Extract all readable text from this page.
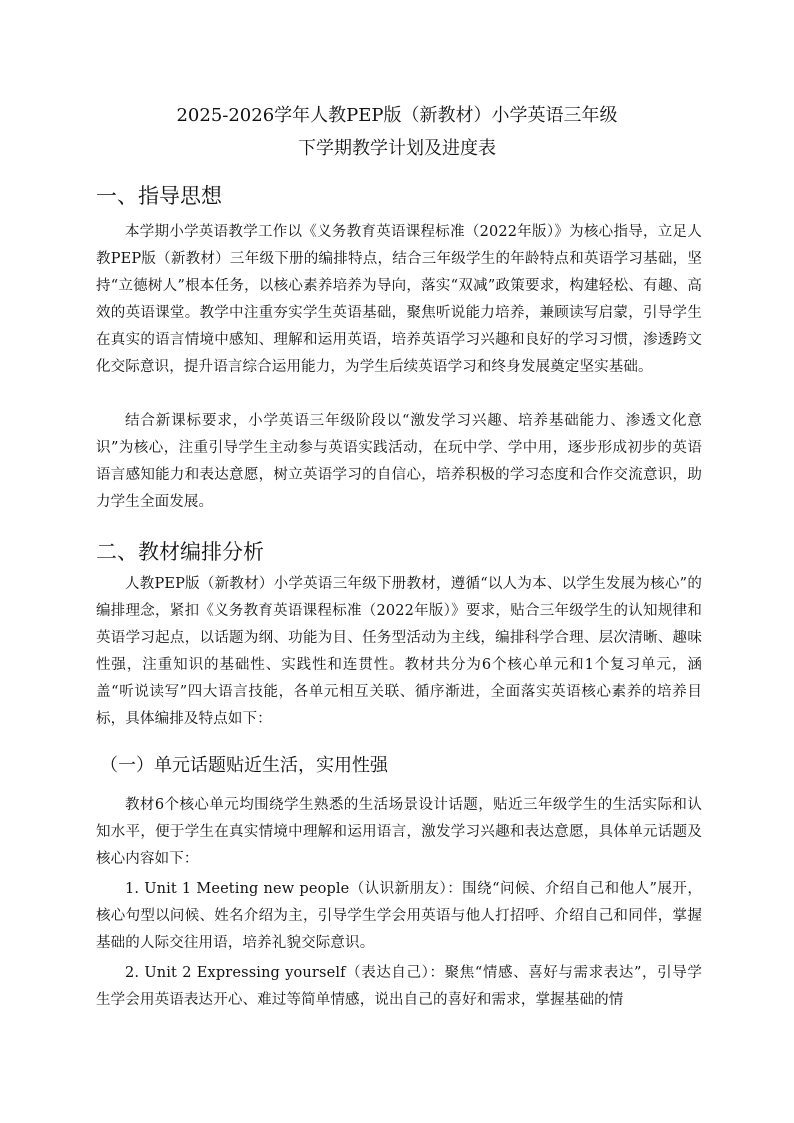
2025-2026学年人教PEP版（新教材）小学英语三年级
下学期教学计划及进度表
一、指导思想
本学期小学英语教学工作以《义务教育英语课程标准（2022年版）》为核心指导，立足人教PEP版（新教材）三年级下册的编排特点，结合三年级学生的年龄特点和英语学习基础，坚持“立德树人”根本任务，以核心素养培养为导向，落实“双减”政策要求，构建轻松、有趣、高效的英语课堂。教学中注重夯实学生英语基础，聚焦听说能力培养，兼顾读写启蒙，引导学生在真实的语言情境中感知、理解和运用英语，培养英语学习兴趣和良好的学习习惯，渗透跨文化交际意识，提升语言综合运用能力，为学生后续英语学习和终身发展奠定坚实基础。
结合新课标要求，小学英语三年级阶段以“激发学习兴趣、培养基础能力、渗透文化意识”为核心，注重引导学生主动参与英语实践活动，在玩中学、学中用，逐步形成初步的英语语言感知能力和表达意愿，树立英语学习的自信心，培养积极的学习态度和合作交流意识，助力学生全面发展。
二、教材编排分析
人教PEP版（新教材）小学英语三年级下册教材，遵循“以人为本、以学生发展为核心”的编排理念，紧扣《义务教育英语课程标准（2022年版）》要求，贴合三年级学生的认知规律和英语学习起点，以话题为纲、功能为目、任务型活动为主线，编排科学合理、层次清晰、趣味性强，注重知识的基础性、实践性和连贯性。教材共分为6个核心单元和1个复习单元，涵盖“听说读写”四大语言技能，各单元相互关联、循序渐进，全面落实英语核心素养的培养目标，具体编排及特点如下：
（一）单元话题贴近生活，实用性强
教材6个核心单元均围绕学生熟悉的生活场景设计话题，贴近三年级学生的生活实际和认知水平，便于学生在真实情境中理解和运用语言，激发学习兴趣和表达意愿，具体单元话题及核心内容如下：
1. Unit 1 Meeting new people（认识新朋友）：围绕“问候、介绍自己和他人”展开，核心句型以问候、姓名介绍为主，引导学生学会用英语与他人打招呼、介绍自己和同伴，掌握基础的人际交往用语，培养礼貌交际意识。
2. Unit 2 Expressing yourself（表达自己）：聚焦“情感、喜好与需求表达”，引导学生学会用英语表达开心、难过等简单情感，说出自己的喜好和需求，掌握基础的情
